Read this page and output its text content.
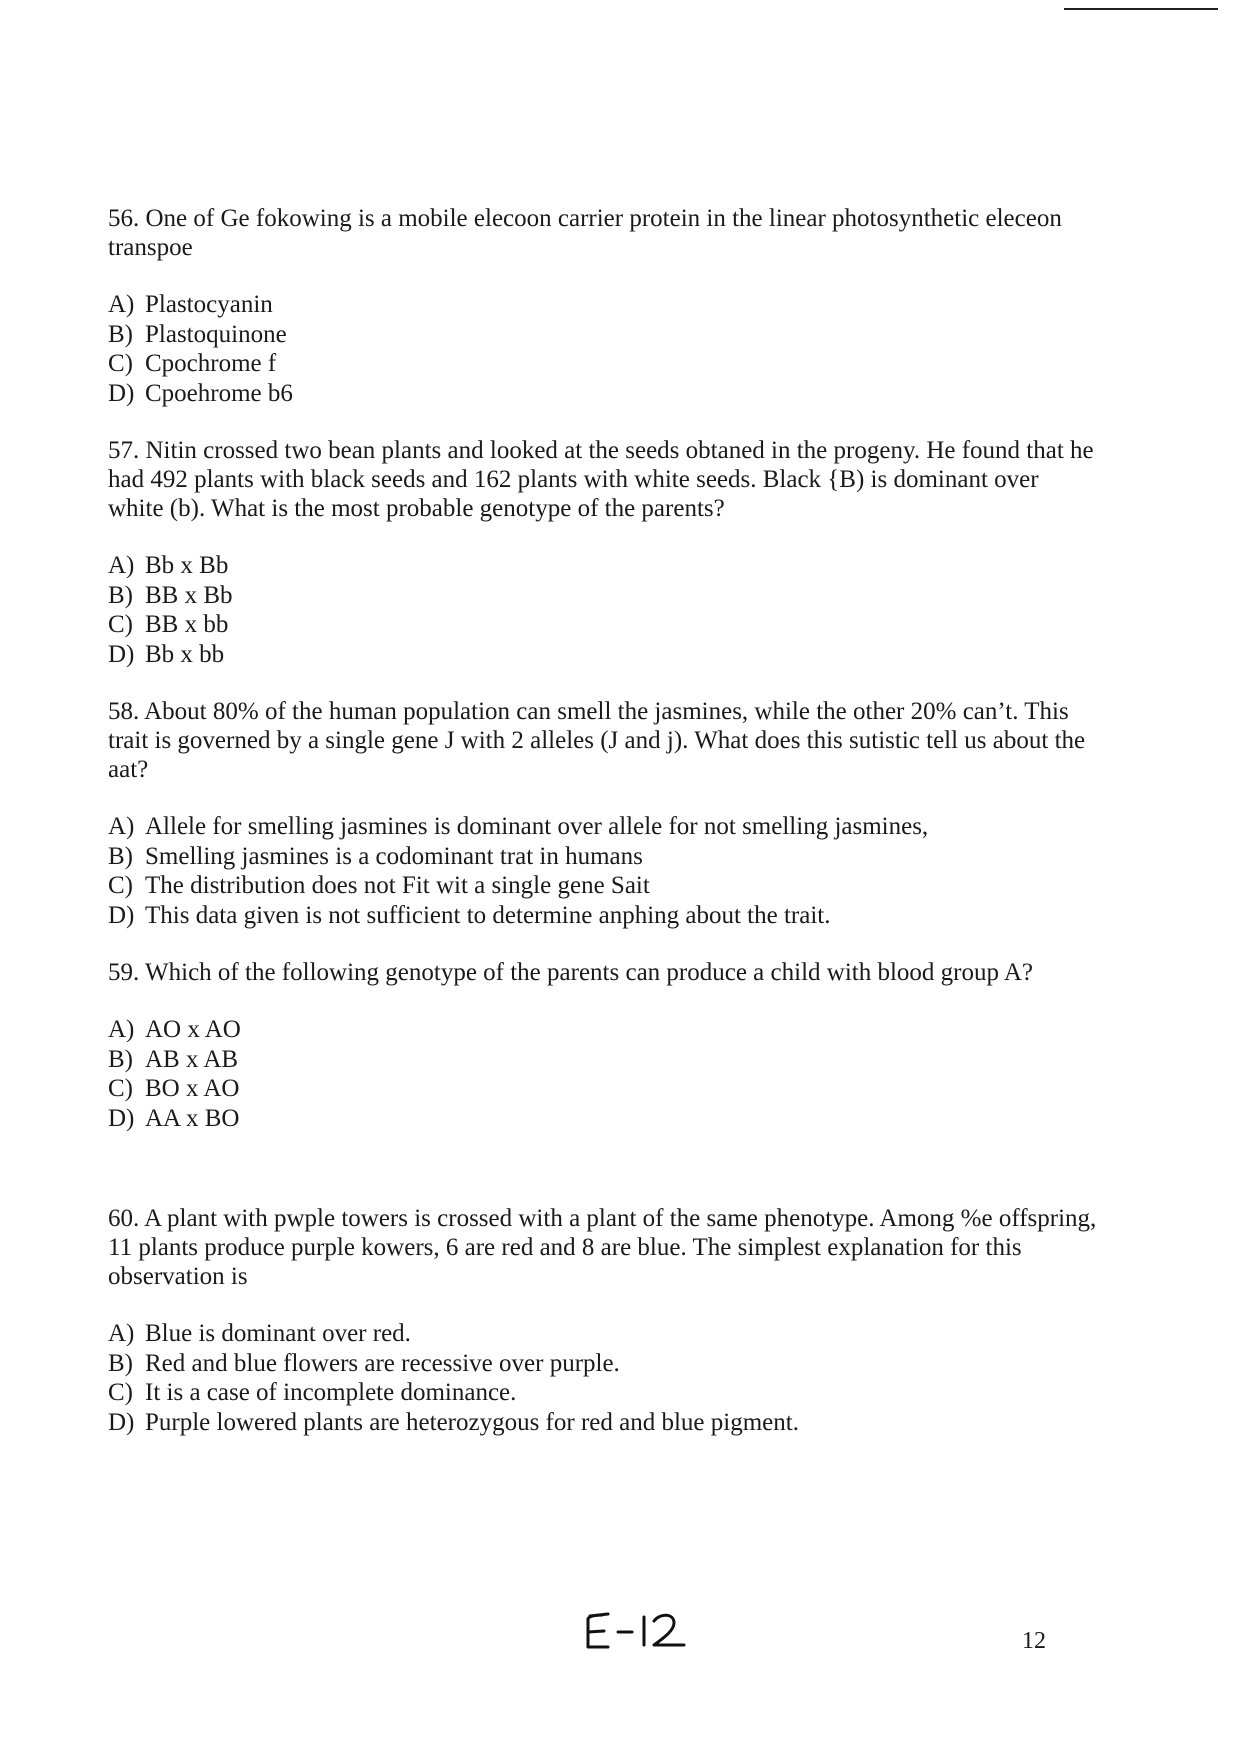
56. One of Ge fokowing is a mobile elecoon carrier protein in the linear photosynthetic eleceon transpoe

A) Plastocyanin
B) Plastoquinone
C) Cpochrome f
D) Cpoehrome b6

57. Nitin crossed two bean plants and looked at the seeds obtaned in the progeny. He found that he had 492 plants with black seeds and 162 plants with white seeds. Black {B) is dominant over white (b). What is the most probable genotype of the parents?

A) Bb x Bb
B) BB x Bb
C) BB x bb
D) Bb x bb

58. About 80% of the human population can smell the jasmines, while the other 20% can’t. This trait is governed by a single gene J with 2 alleles (J and j). What does this sutistic tell us about the aat?

A) Allele for smelling jasmines is dominant over allele for not smelling jasmines,
B) Smelling jasmines is a codominant trat in humans
C) The distribution does not Fit wit a single gene Sait
D) This data given is not sufficient to determine anphing about the trait.

59. Which of the following genotype of the parents can produce a child with blood group A?

A) AO x AO
B) AB x AB
C) BO x AO
D) AA x BO

60. A plant with pwple towers is crossed with a plant of the same phenotype. Among %e offspring, 11 plants produce purple kowers, 6 are red and 8 are blue. The simplest explanation for this observation is

A) Blue is dominant over red.
B) Red and blue flowers are recessive over purple.
C) It is a case of incomplete dominance.
D) Purple lowered plants are heterozygous for red and blue pigment.
12
